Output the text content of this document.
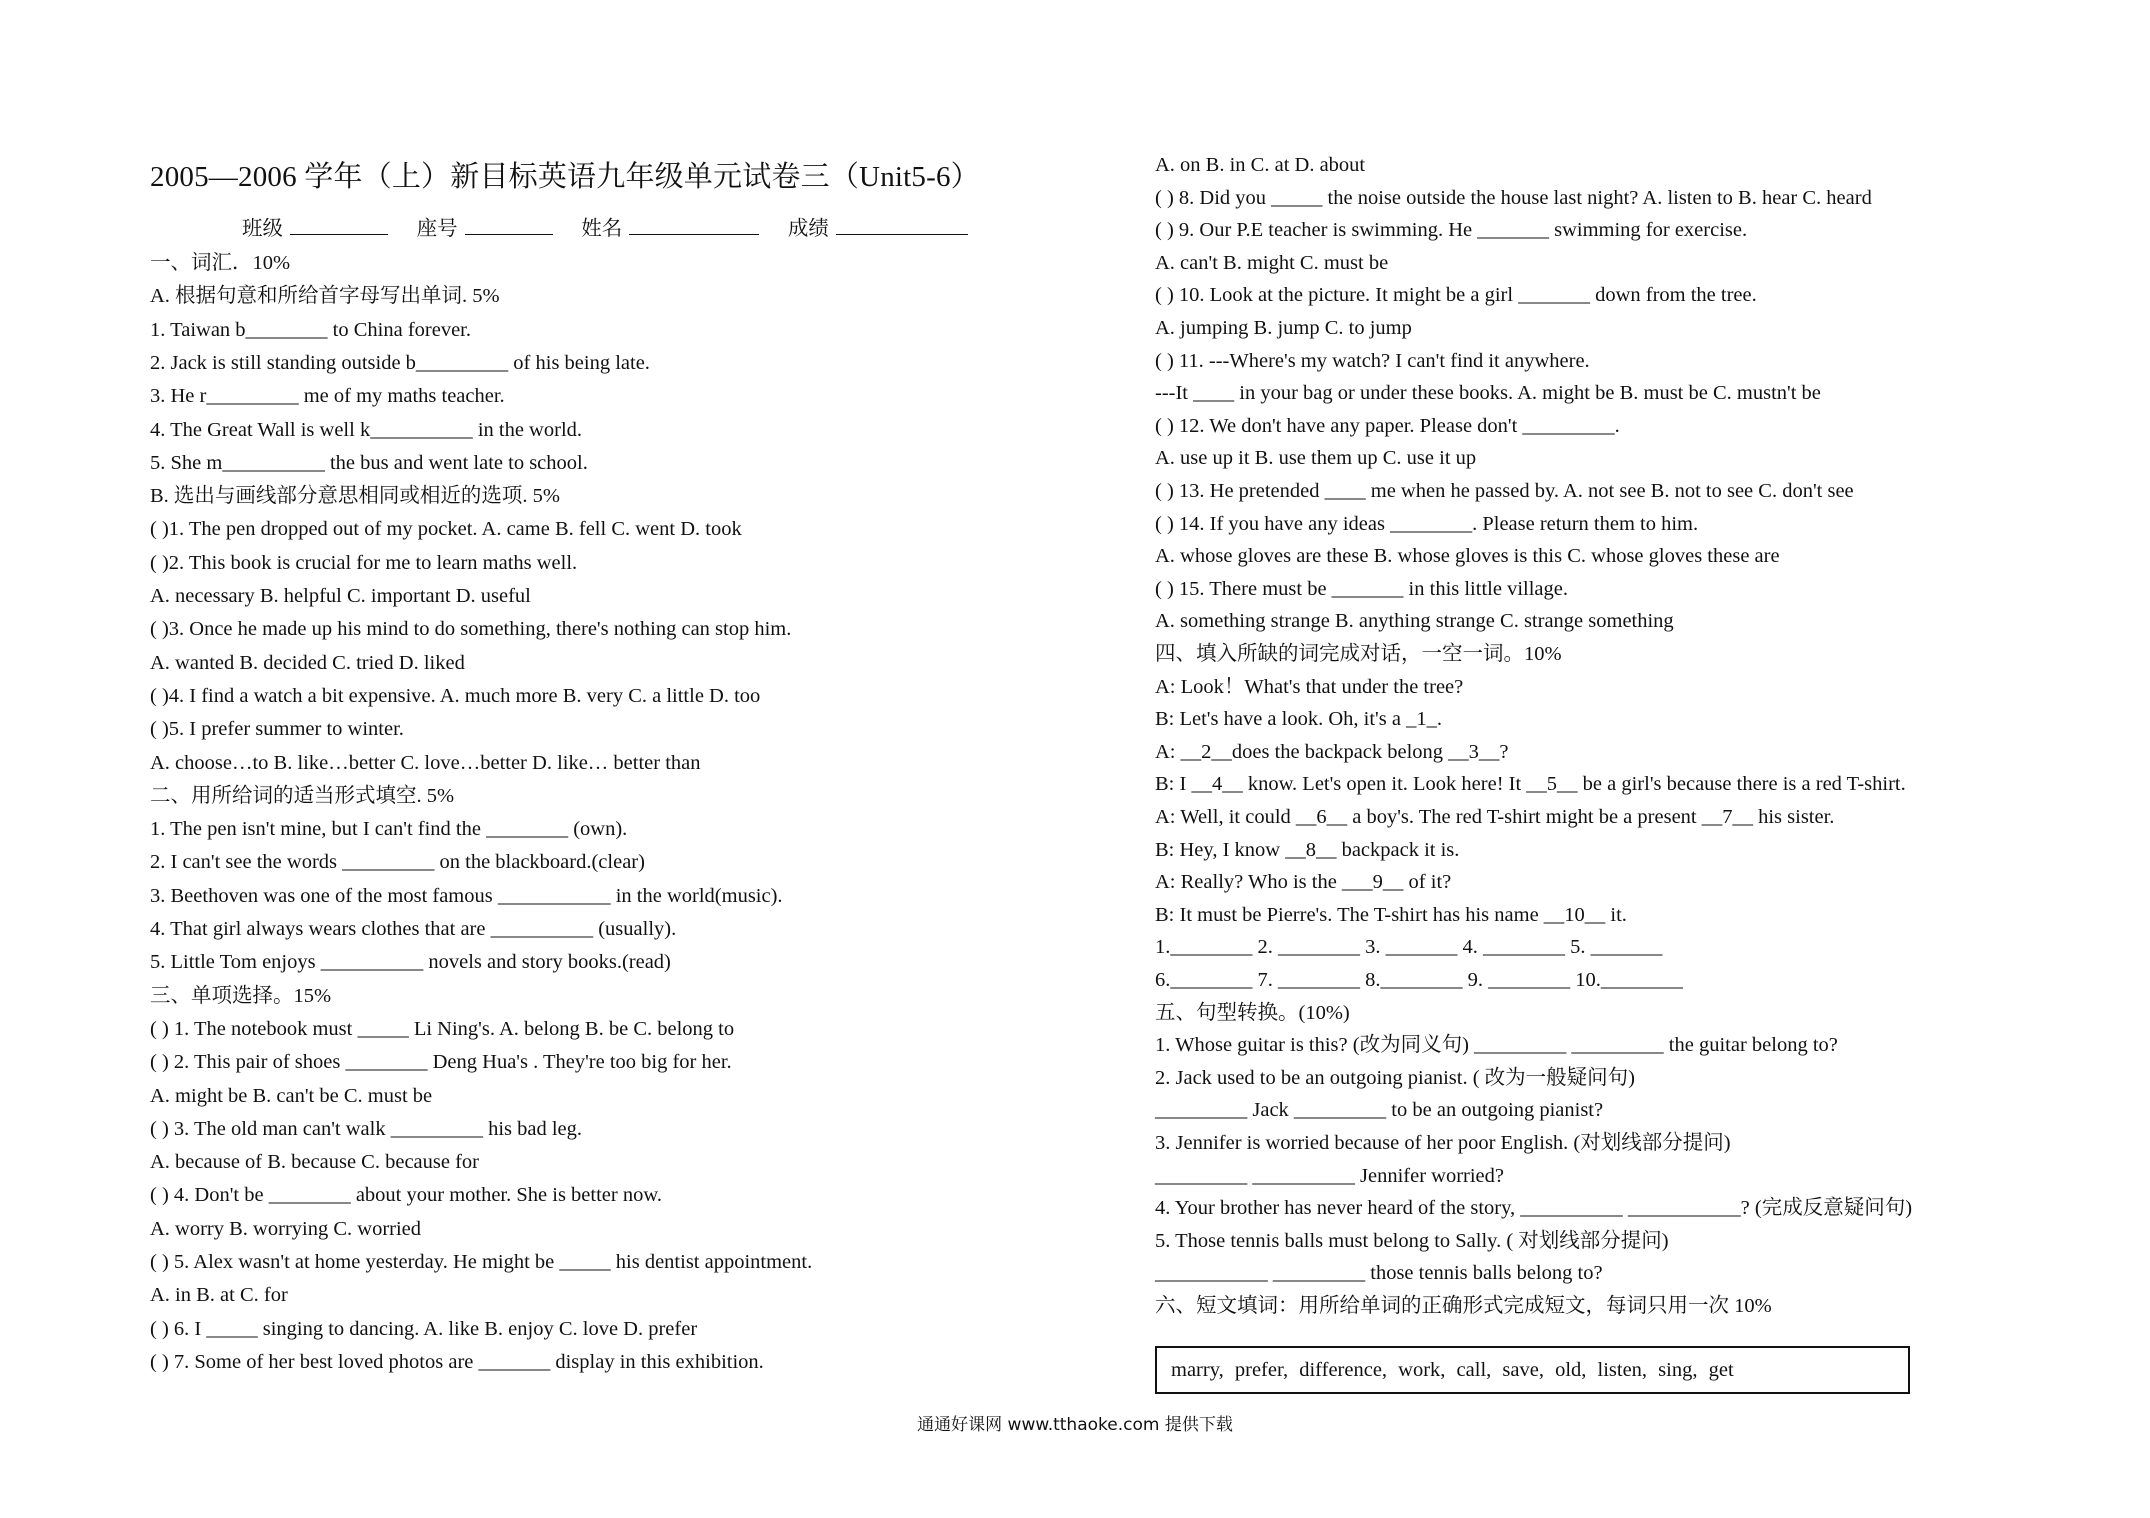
2005—2006 学年（上）新目标英语九年级单元试卷三（Unit5-6）
班级	座号	姓名	成绩
一、词汇．10%
A. 根据句意和所给首字母写出单词. 5%
1. Taiwan b________ to China forever.
2. Jack is still standing outside b_________ of his being late.
3. He r_________ me of my maths teacher.
4. The Great Wall is well k__________ in the world.
5. She m__________ the bus and went late to school.
B. 选出与画线部分意思相同或相近的选项. 5%
( )1. The pen dropped out of my pocket. A. came B. fell C. went D. took
( )2. This book is crucial for me to learn maths well.
A. necessary B. helpful C. important D. useful
( )3. Once he made up his mind to do something, there's nothing can stop him.
A. wanted B. decided C. tried D. liked
( )4. I find a watch a bit expensive. A. much more B. very C. a little D. too
( )5. I prefer summer to winter.
A. choose…to B. like…better C. love…better D. like… better than
二、用所给词的适当形式填空. 5%
1. The pen isn't mine, but I can't find the ________ (own).
2. I can't see the words _________ on the blackboard.(clear)
3. Beethoven was one of the most famous ___________ in the world(music).
4. That girl always wears clothes that are __________ (usually).
5. Little Tom enjoys __________ novels and story books.(read)
三、单项选择。15%
( ) 1. The notebook must _____ Li Ning's. A. belong B. be C. belong to
( ) 2. This pair of shoes ________ Deng Hua's . They're too big for her.
A. might be B. can't be C. must be
( ) 3. The old man can't walk _________ his bad leg.
A. because of B. because C. because for
( ) 4. Don't be ________ about your mother. She is better now.
A. worry B. worrying C. worried
( ) 5. Alex wasn't at home yesterday. He might be _____ his dentist appointment.
A. in B. at C. for
( ) 6. I _____ singing to dancing. A. like B. enjoy C. love D. prefer
( ) 7. Some of her best loved photos are _______ display in this exhibition.
A. on B. in C. at D. about
( ) 8. Did you _____ the noise outside the house last night? A. listen to B. hear C. heard
( ) 9. Our P.E teacher is swimming. He _______ swimming for exercise.
A. can't B. might C. must be
( ) 10. Look at the picture. It might be a girl _______ down from the tree.
A. jumping B. jump C. to jump
( ) 11. ---Where's my watch? I can't find it anywhere.
---It ____ in your bag or under these books. A. might be B. must be C. mustn't be
( ) 12. We don't have any paper. Please don't _________.
A. use up it B. use them up C. use it up
( ) 13. He pretended ____ me when he passed by. A. not see B. not to see C. don't see
( ) 14. If you have any ideas ________. Please return them to him.
A. whose gloves are these B. whose gloves is this C. whose gloves these are
( ) 15. There must be _______ in this little village.
A. something strange B. anything strange C. strange something
四、填入所缺的词完成对话，一空一词。10%
A: Look！What's that under the tree?
B: Let's have a look. Oh, it's a _1_.
A: __2__does the backpack belong __3__?
B: I __4__ know. Let's open it. Look here! It __5__ be a girl's because there is a red T-shirt.
A: Well, it could __6__ a boy's. The red T-shirt might be a present __7__ his sister.
B: Hey, I know __8__ backpack it is.
A: Really? Who is the ___9__ of it?
B: It must be Pierre's. The T-shirt has his name __10__ it.
1.________ 2. ________ 3. _______ 4. ________ 5. _______
6.________ 7. ________ 8.________ 9. ________ 10.________
五、句型转换。(10%)
1. Whose guitar is this? (改为同义句) _________ _________ the guitar belong to?
2. Jack used to be an outgoing pianist. ( 改为一般疑问句)
_________ Jack _________ to be an outgoing pianist?
3. Jennifer is worried because of her poor English. (对划线部分提问)
_________ __________ Jennifer worried?
4. Your brother has never heard of the story, __________ ___________? (完成反意疑问句)
5. Those tennis balls must belong to Sally. ( 对划线部分提问)
___________ _________ those tennis balls belong to?
六、短文填词：用所给单词的正确形式完成短文，每词只用一次 10%
marry, prefer, difference, work, call, save, old, listen, sing, get
通通好课网 www.tthaoke.com 提供下载
